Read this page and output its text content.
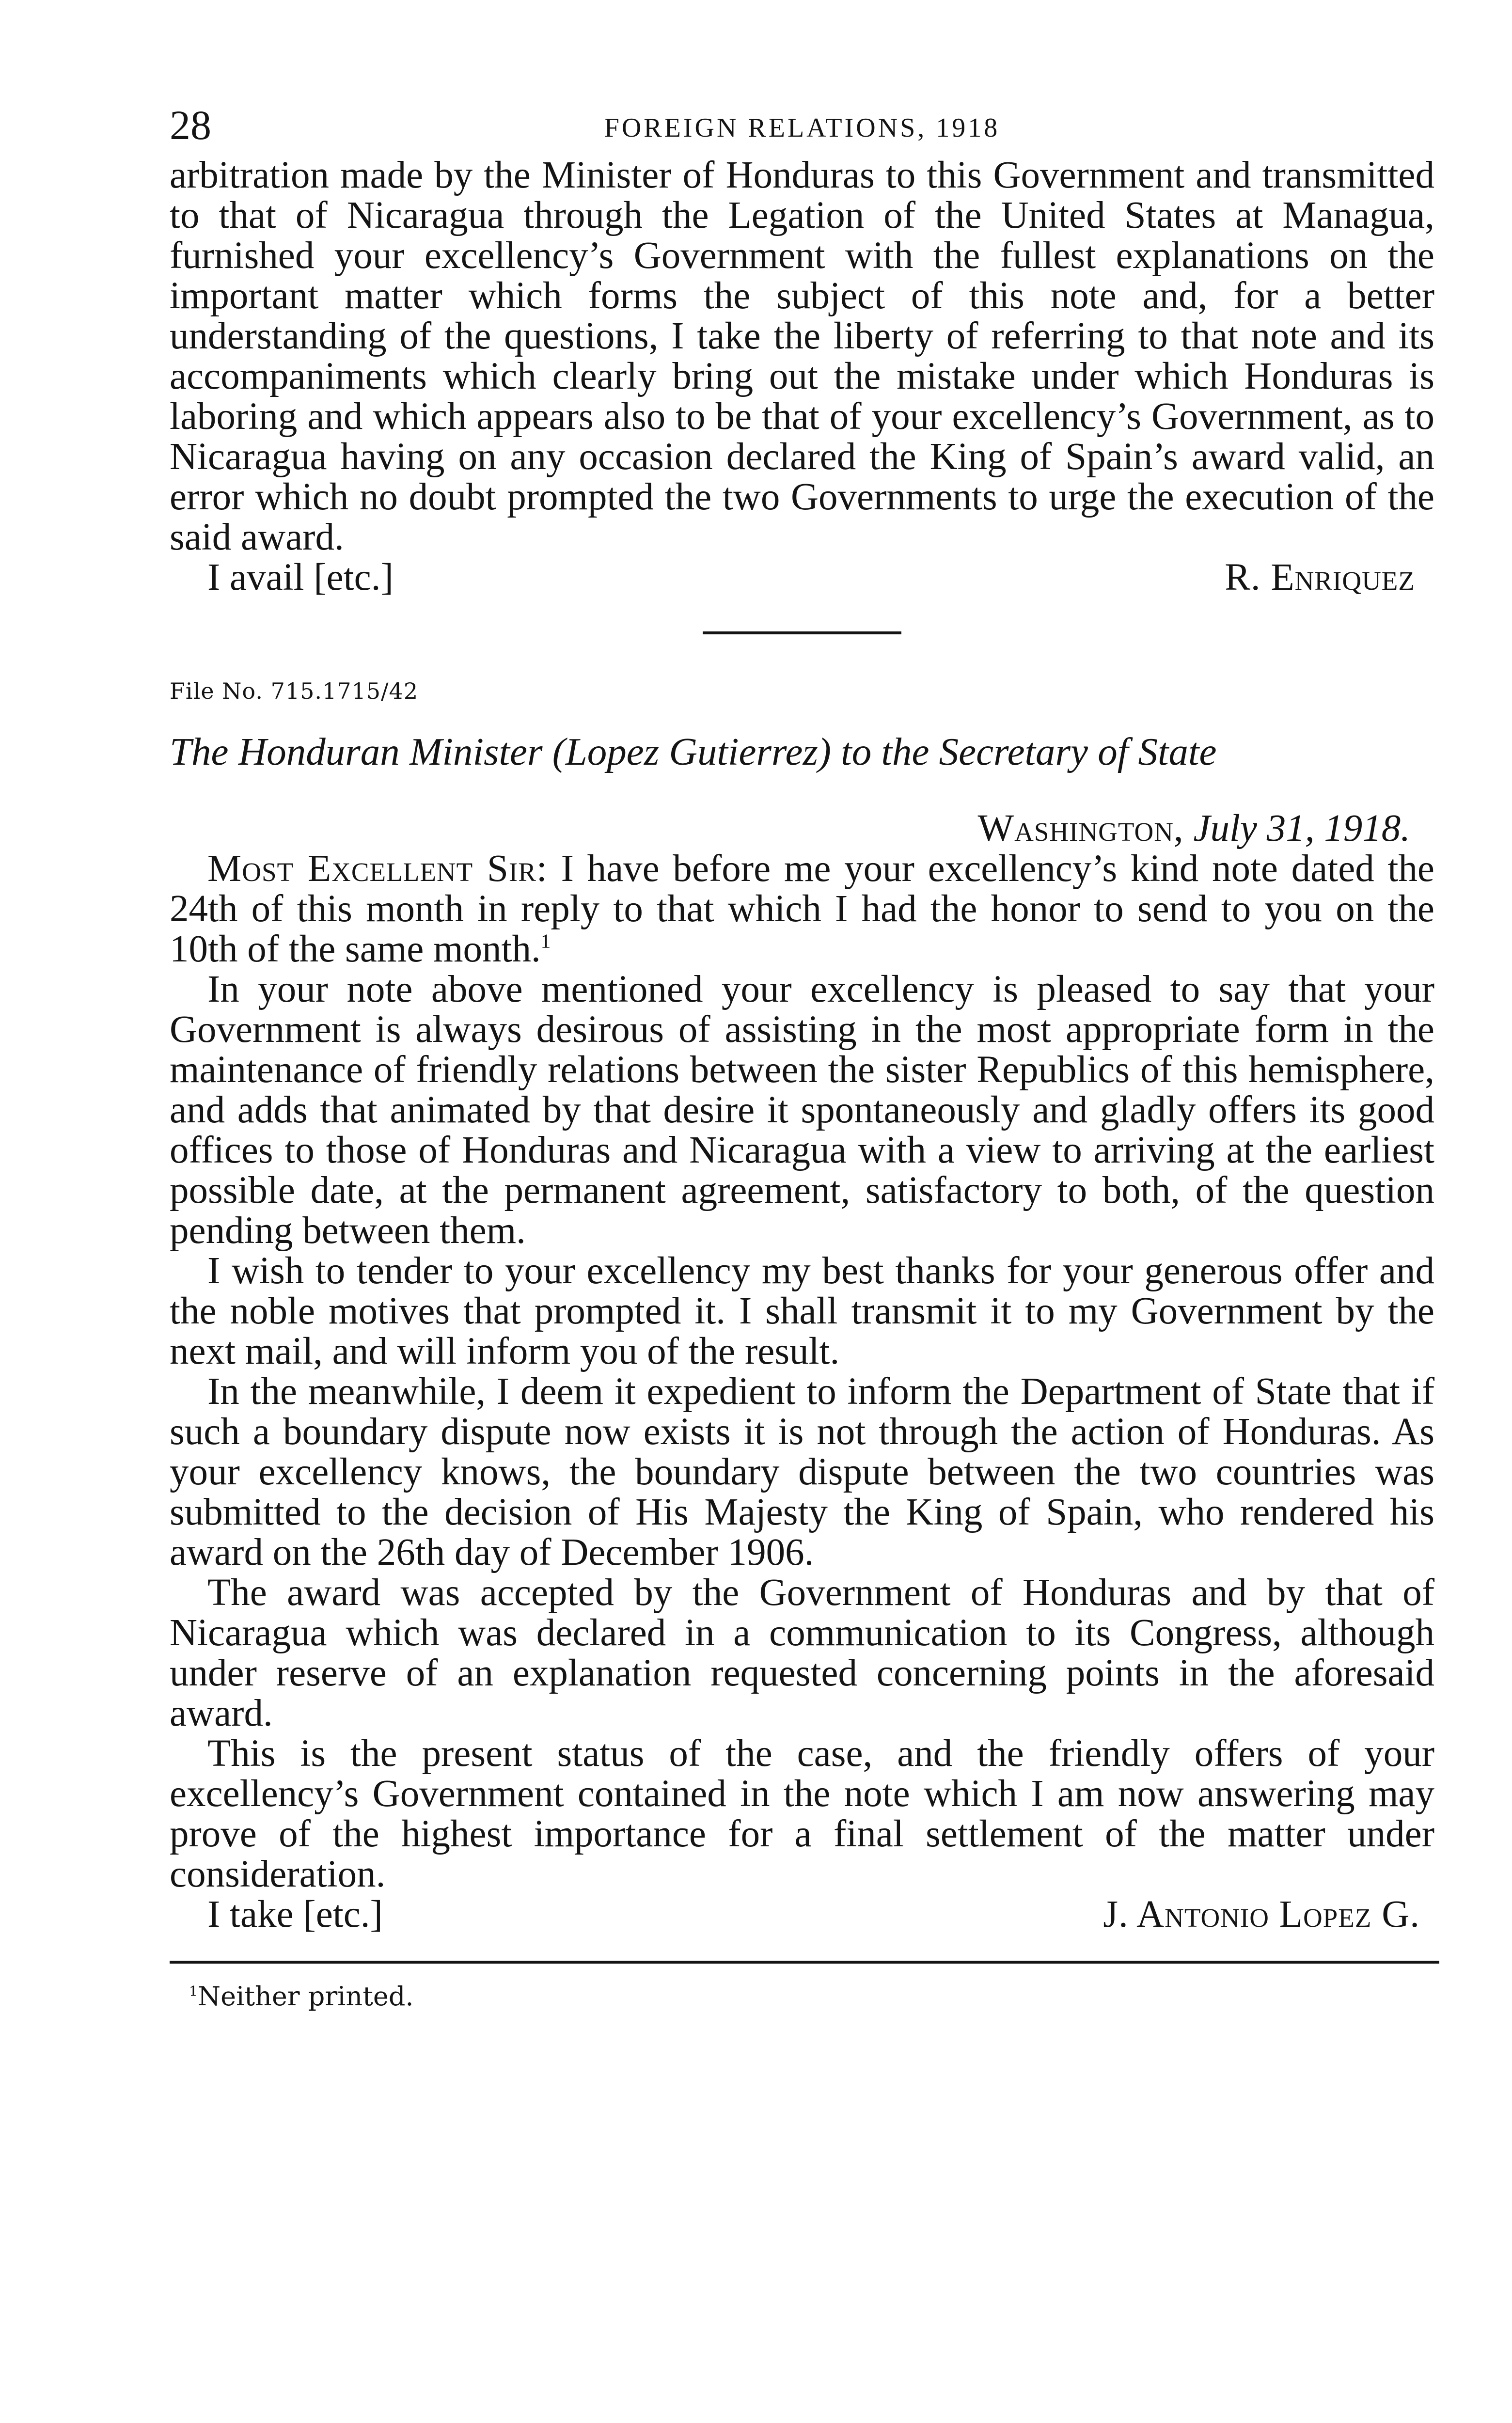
28	FOREIGN RELATIONS, 1918

arbitration made by the Minister of Honduras to this Government and transmitted to that of Nicaragua through the Legation of the United States at Managua, furnished your excellency’s Government with the fullest explanations on the important matter which forms the subject of this note and, for a better understanding of the questions, I take the liberty of referring to that note and its accompaniments which clearly bring out the mistake under which Honduras is laboring and which appears also to be that of your excellency’s Government, as to Nicaragua having on any occasion declared the King of Spain’s award valid, an error which no doubt prompted the two Governments to urge the execution of the said award.

I avail [etc.]	R. Enriquez
File No. 715.1715/42
The Honduran Minister (Lopez Gutierrez) to the Secretary of State
Washington, July 31, 1918.

Most Excellent Sir: I have before me your excellency’s kind note dated the 24th of this month in reply to that which I had the honor to send to you on the 10th of the same month.$^1$

In your note above mentioned your excellency is pleased to say that your Government is always desirous of assisting in the most appropriate form in the maintenance of friendly relations between the sister Republics of this hemisphere, and adds that animated by that desire it spontaneously and gladly offers its good offices to those of Honduras and Nicaragua with a view to arriving at the earliest possible date, at the permanent agreement, satisfactory to both, of the question pending between them.

I wish to tender to your excellency my best thanks for your generous offer and the noble motives that prompted it. I shall transmit it to my Government by the next mail, and will inform you of the result.

In the meanwhile, I deem it expedient to inform the Department of State that if such a boundary dispute now exists it is not through the action of Honduras. As your excellency knows, the boundary dispute between the two countries was submitted to the decision of His Majesty the King of Spain, who rendered his award on the 26th day of December 1906.

The award was accepted by the Government of Honduras and by that of Nicaragua which was declared in a communication to its Congress, although under reserve of an explanation requested concerning points in the aforesaid award.

This is the present status of the case, and the friendly offers of your excellency’s Government contained in the note which I am now answering may prove of the highest importance for a final settlement of the matter under consideration.

I take [etc.]	J. Antonio Lopez G.
$^1$Neither printed.
